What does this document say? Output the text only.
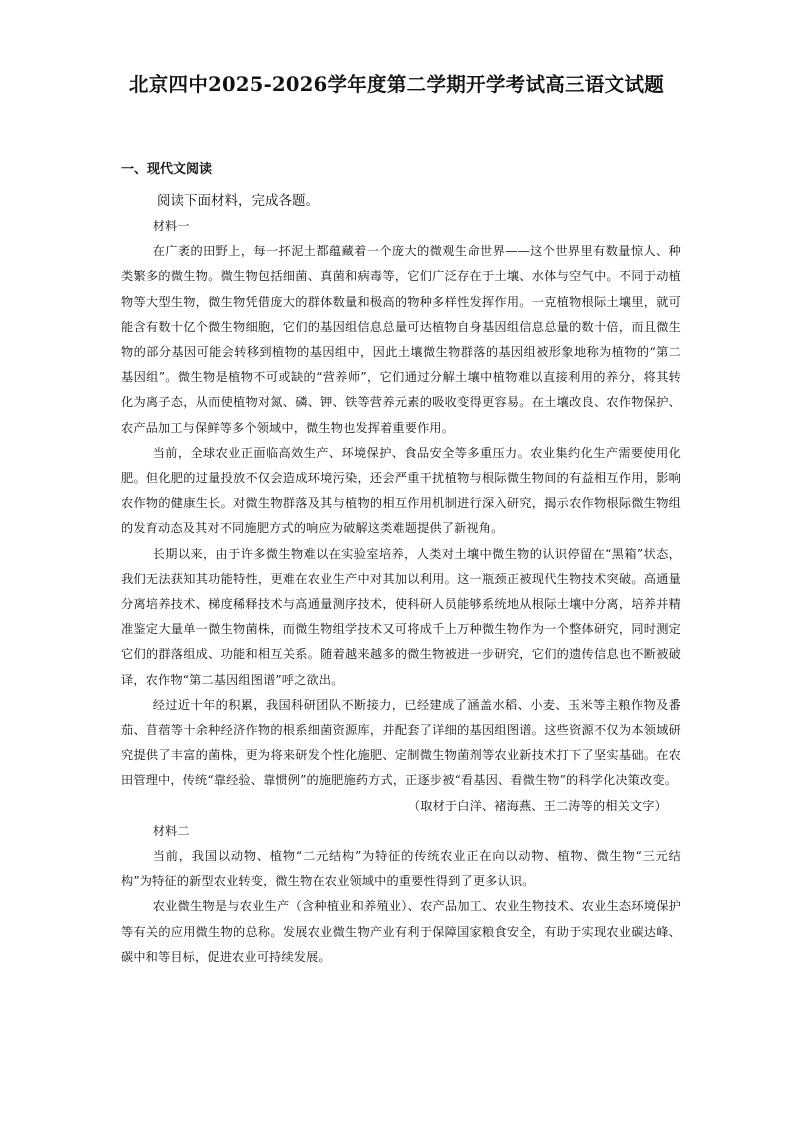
北京四中2025-2026学年度第二学期开学考试高三语文试题
一、现代文阅读
阅读下面材料，完成各题。

材料一

在广袤的田野上，每一抔泥土都蕴藏着一个庞大的微观生命世界——这个世界里有数量惊人、种类繁多的微生物。微生物包括细菌、真菌和病毒等，它们广泛存在于土壤、水体与空气中。不同于动植物等大型生物，微生物凭借庞大的群体数量和极高的物种多样性发挥作用。一克植物根际土壤里，就可能含有数十亿个微生物细胞，它们的基因组信息总量可达植物自身基因组信息总量的数十倍，而且微生物的部分基因可能会转移到植物的基因组中，因此土壤微生物群落的基因组被形象地称为植物的“第二基因组”。微生物是植物不可或缺的“营养师”，它们通过分解土壤中植物难以直接利用的养分，将其转化为离子态，从而使植物对氮、磷、钾、铁等营养元素的吸收变得更容易。在土壤改良、农作物保护、农产品加工与保鲜等多个领域中，微生物也发挥着重要作用。

当前，全球农业正面临高效生产、环境保护、食品安全等多重压力。农业集约化生产需要使用化肥。但化肥的过量投放不仅会造成环境污染，还会严重干扰植物与根际微生物间的有益相互作用，影响农作物的健康生长。对微生物群落及其与植物的相互作用机制进行深入研究，揭示农作物根际微生物组的发育动态及其对不同施肥方式的响应为破解这类难题提供了新视角。

长期以来，由于许多微生物难以在实验室培养，人类对土壤中微生物的认识停留在“黑箱”状态，我们无法获知其功能特性，更难在农业生产中对其加以利用。这一瓶颈正被现代生物技术突破。高通量分离培养技术、梯度稀释技术与高通量测序技术，使科研人员能够系统地从根际土壤中分离，培养并精准鉴定大量单一微生物菌株，而微生物组学技术又可将成千上万种微生物作为一个整体研究，同时测定它们的群落组成、功能和相互关系。随着越来越多的微生物被进一步研究，它们的遗传信息也不断被破译，农作物“第二基因组图谱”呼之欲出。

经过近十年的积累，我国科研团队不断接力，已经建成了涵盖水稻、小麦、玉米等主粮作物及番茄、苜蓿等十余种经济作物的根系细菌资源库，并配套了详细的基因组图谱。这些资源不仅为本领域研究提供了丰富的菌株，更为将来研发个性化施肥、定制微生物菌剂等农业新技术打下了坚实基础。在农田管理中，传统“靠经验、靠惯例”的施肥施药方式，正逐步被“看基因、看微生物”的科学化决策改变。

（取材于白洋、褚海燕、王二涛等的相关文字）

材料二

当前，我国以动物、植物“二元结构”为特征的传统农业正在向以动物、植物、微生物“三元结构”为特征的新型农业转变，微生物在农业领域中的重要性得到了更多认识。

农业微生物是与农业生产（含种植业和养殖业）、农产品加工、农业生物技术、农业生态环境保护等有关的应用微生物的总称。发展农业微生物产业有利于保障国家粮食安全，有助于实现农业碳达峰、碳中和等目标，促进农业可持续发展。
